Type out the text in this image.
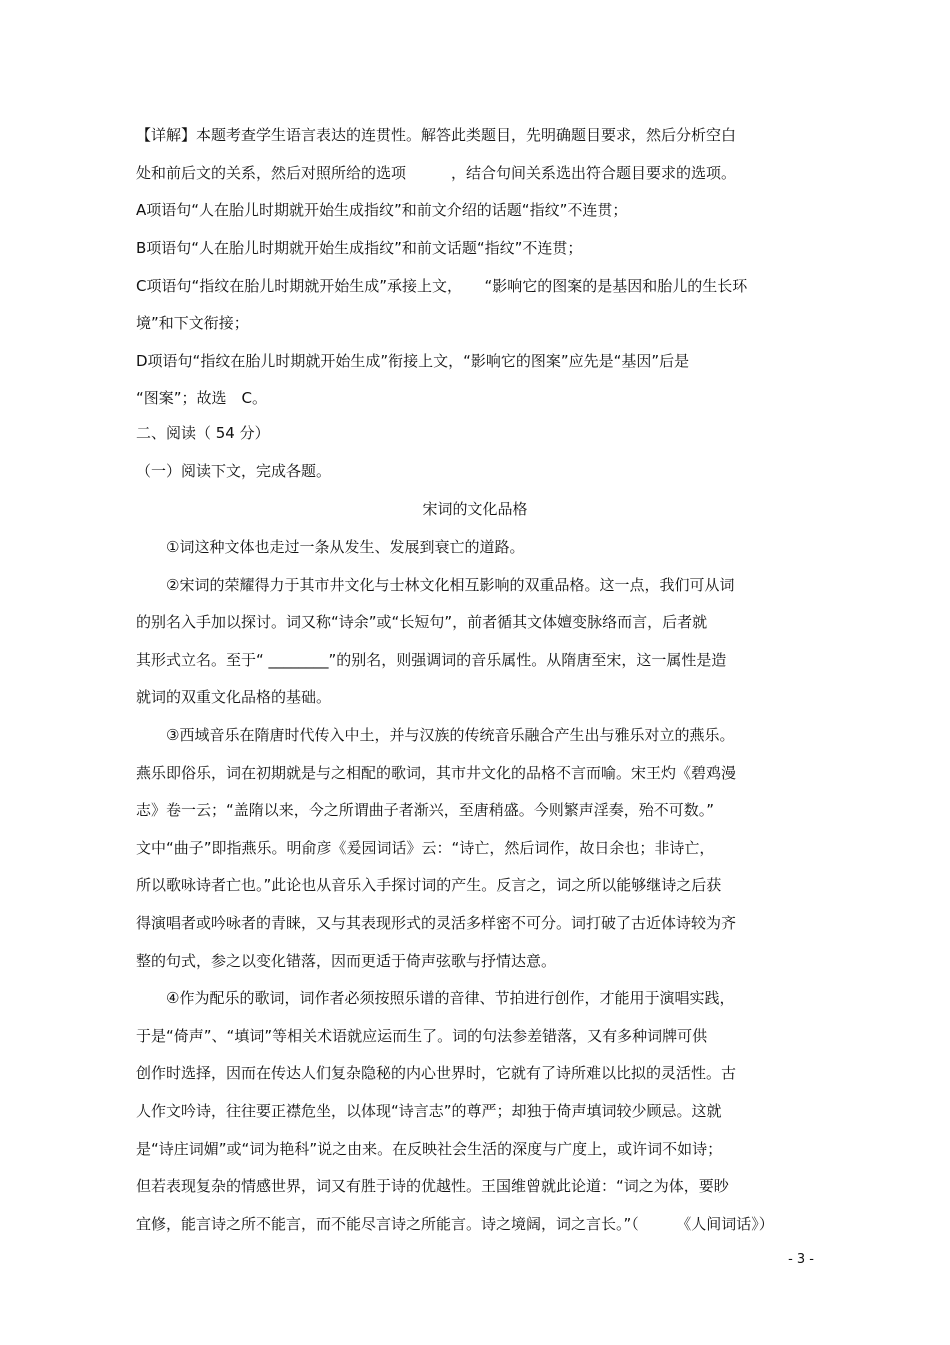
【详解】本题考查学生语言表达的连贯性。解答此类题目，先明确题目要求，然后分析空白
处和前后文的关系，然后对照所给的选项　　　，结合句间关系选出符合题目要求的选项。
A项语句“人在胎儿时期就开始生成指纹”和前文介绍的话题“指纹”不连贯；
B项语句“人在胎儿时期就开始生成指纹”和前文话题“指纹”不连贯；
C项语句“指纹在胎儿时期就开始生成”承接上文，　　“影响它的图案的是基因和胎儿的生长环
境”和下文衔接；
D项语句“指纹在胎儿时期就开始生成”衔接上文，“影响它的图案”应先是“基因”后是
“图案”；故选　C。
二、阅读（ 54 分）
（一）阅读下文，完成各题。
宋词的文化品格
　　①词这种文体也走过一条从发生、发展到衰亡的道路。
　　②宋词的荣耀得力于其市井文化与士林文化相互影响的双重品格。这一点，我们可从词
的别名入手加以探讨。词又称“诗余”或“长短句”，前者循其文体嬗变脉络而言，后者就
其形式立名。至于“ ________”的别名，则强调词的音乐属性。从隋唐至宋，这一属性是造
就词的双重文化品格的基础。
　　③西域音乐在隋唐时代传入中土，并与汉族的传统音乐融合产生出与雅乐对立的燕乐。
燕乐即俗乐，词在初期就是与之相配的歌词，其市井文化的品格不言而喻。宋王灼《碧鸡漫
志》卷一云；“盖隋以来，今之所谓曲子者渐兴，至唐稍盛。今则繁声淫奏，殆不可数。”
文中“曲子”即指燕乐。明俞彦《爰园词话》云：“诗亡，然后词作，故日余也；非诗亡，
所以歌咏诗者亡也。”此论也从音乐入手探讨词的产生。反言之，词之所以能够继诗之后获
得演唱者或吟咏者的青睐，又与其表现形式的灵活多样密不可分。词打破了古近体诗较为齐
整的句式，参之以变化错落，因而更适于倚声弦歌与抒情达意。
　　④作为配乐的歌词，词作者必须按照乐谱的音律、节拍进行创作，才能用于演唱实践，
于是“倚声”、“填词”等相关术语就应运而生了。词的句法参差错落，又有多种词牌可供
创作时选择，因而在传达人们复杂隐秘的内心世界时，它就有了诗所难以比拟的灵活性。古
人作文吟诗，往往要正襟危坐，以体现“诗言志”的尊严；却独于倚声填词较少顾忌。这就
是“诗庄词媚”或“词为艳科”说之由来。在反映社会生活的深度与广度上，或许词不如诗；
但若表现复杂的情感世界，词又有胜于诗的优越性。王国维曾就此论道：“词之为体，要眇
宜修，能言诗之所不能言，而不能尽言诗之所能言。诗之境阔，词之言长。”（　　　《人间词话》）
- 3 -
